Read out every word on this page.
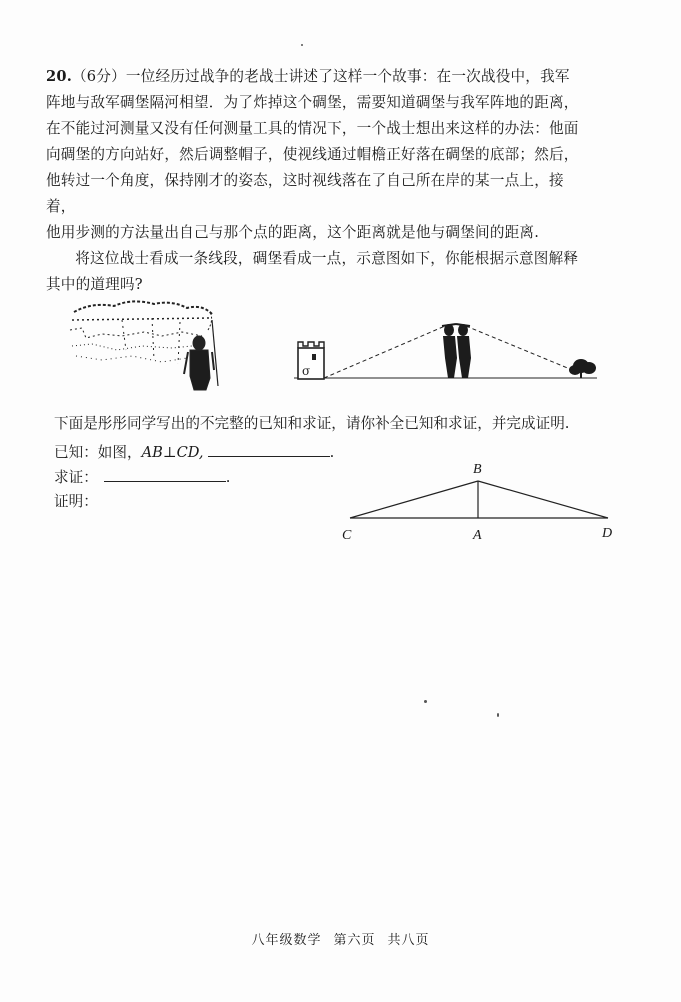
20.（6分）一位经历过战争的老战士讲述了这样一个故事：在一次战役中，我军

阵地与敌军碉堡隔河相望．为了炸掉这个碉堡，需要知道碉堡与我军阵地的距离，

在不能过河测量又没有任何测量工具的情况下，一个战士想出来这样的办法：他面

向碉堡的方向站好，然后调整帽子，使视线通过帽檐正好落在碉堡的底部；然后，

他转过一个角度，保持刚才的姿态，这时视线落在了自己所在岸的某一点上，接着，

他用步测的方法量出自己与那个点的距离，这个距离就是他与碉堡间的距离.

将这位战士看成一条线段，碉堡看成一点，示意图如下，你能根据示意图解释

其中的道理吗?

σ
下面是彤彤同学写出的不完整的已知和求证，请你补全已知和求证，并完成证明.
已知：如图，AB⊥CD,	.
求证：	.
证明：
B
C	A	D
八年级数学 第六页 共八页
